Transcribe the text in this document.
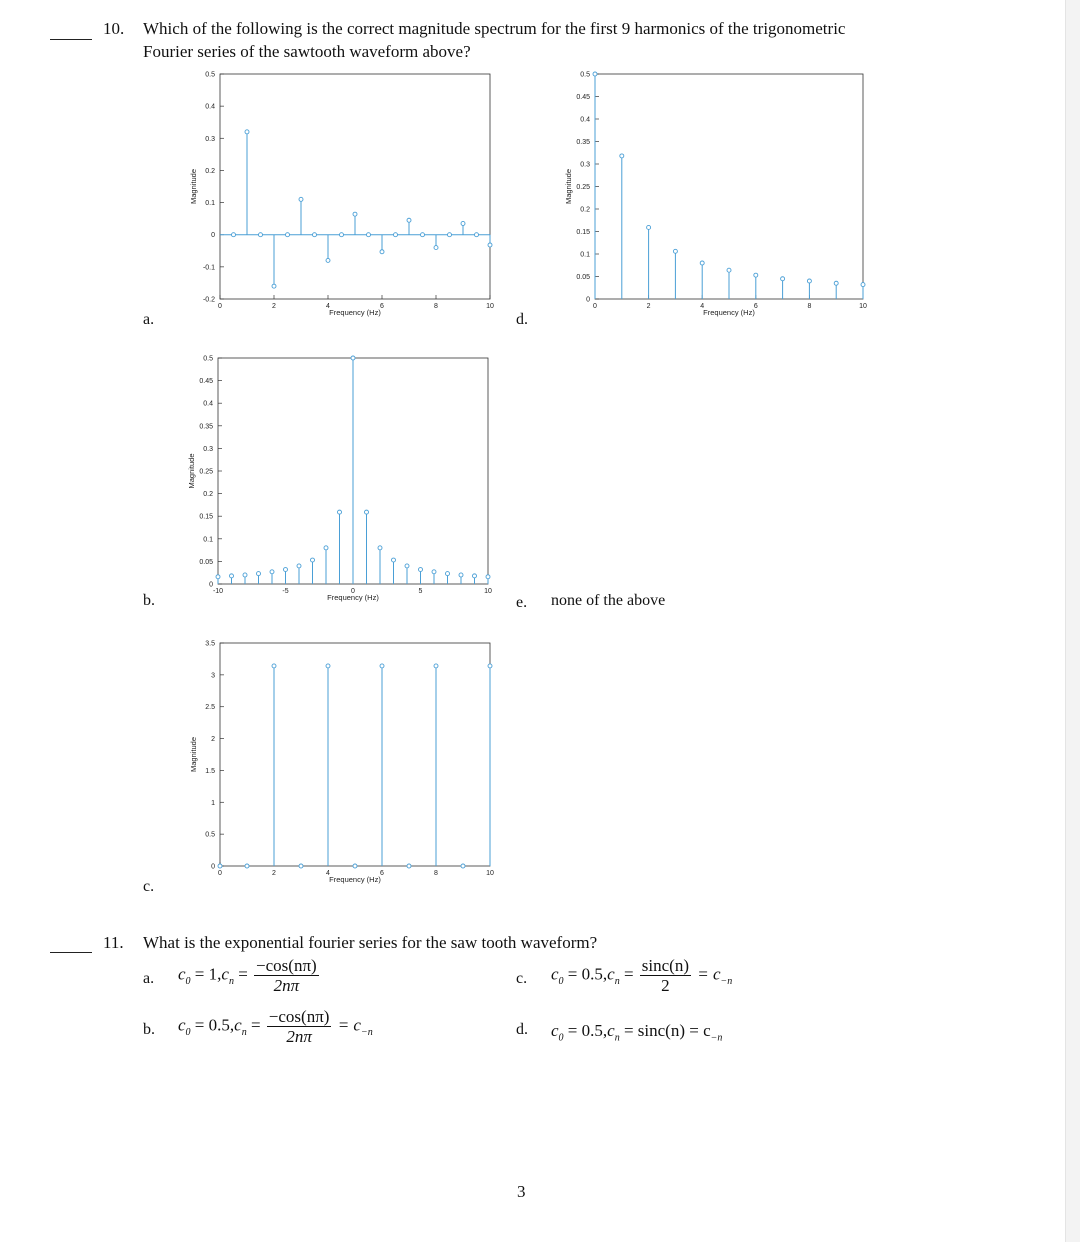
10. Which of the following is the correct magnitude spectrum for the first 9 harmonics of the trigonometric
Fourier series of the sawtooth waveform above?
0.5
0.4
0.3
0.2
0.1
0
-0.1
-0.2
0	2	4	6	8	10
Frequency (Hz)
Magnitude
0.5
0.45
0.4
0.35
0.3
0.25
0.2
0.15
0.1
0.05
0
0	2	4	6	8	10
Frequency (Hz)
Magnitude
0.5
0.45
0.4
0.35
0.3
0.25
0.2
0.15
0.1
0.05
0
-10	-5	0	5	10
Frequency (Hz)
Magnitude
3.5
3
2.5
2
1.5
1
0.5
0
0	2	4	6	8	10
Frequency (Hz)
Magnitude
a.	d.
b.	e. none of the above
c.
11. What is the exponential fourier series for the saw tooth waveform?
a. $c_0 = 1,c_n = \frac{-\cos(n\pi)}{2n\pi}$
b. $c_0 = 0.5,c_n = \frac{-\cos(n\pi)}{2n\pi} = c_{-n}$
c. $c_0 = 0.5,c_n = \frac{\sin c(n)}{2} = c_{-n}$
d. $c_0 = 0.5,c_n = \sin c(n) = c_{-n}$
3
